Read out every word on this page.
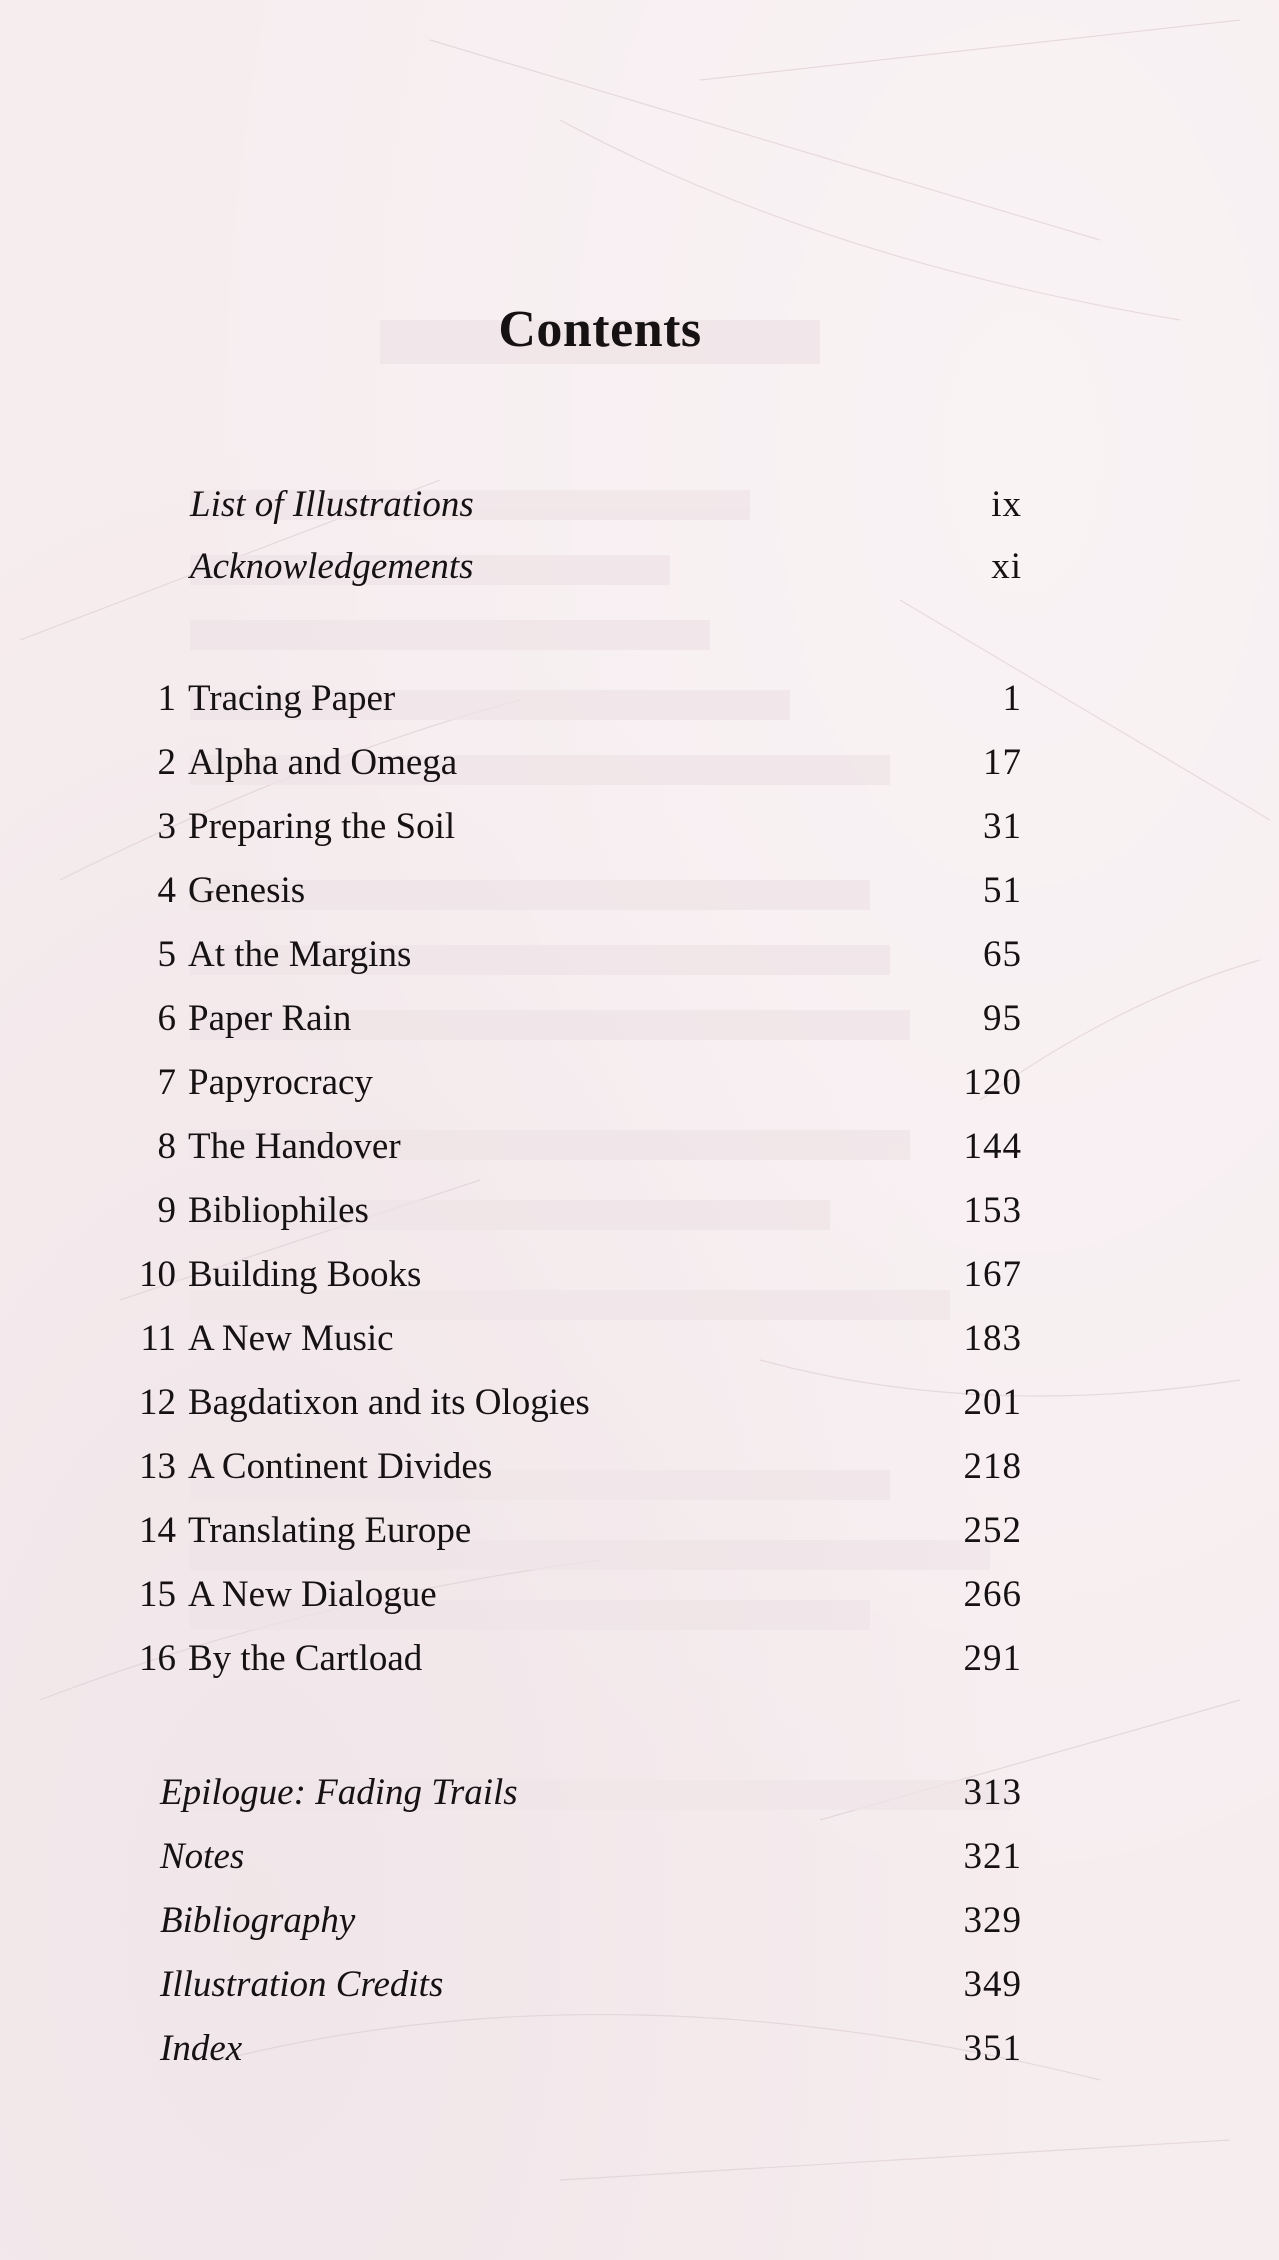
Contents
List of Illustrations	ix
Acknowledgements	xi
1 Tracing Paper	1
2 Alpha and Omega	17
3 Preparing the Soil	31
4 Genesis	51
5 At the Margins	65
6 Paper Rain	95
7 Papyrocracy	120
8 The Handover	144
9 Bibliophiles	153
10 Building Books	167
11 A New Music	183
12 Bagdatixon and its Ologies	201
13 A Continent Divides	218
14 Translating Europe	252
15 A New Dialogue	266
16 By the Cartload	291
Epilogue: Fading Trails	313
Notes	321
Bibliography	329
Illustration Credits	349
Index	351
